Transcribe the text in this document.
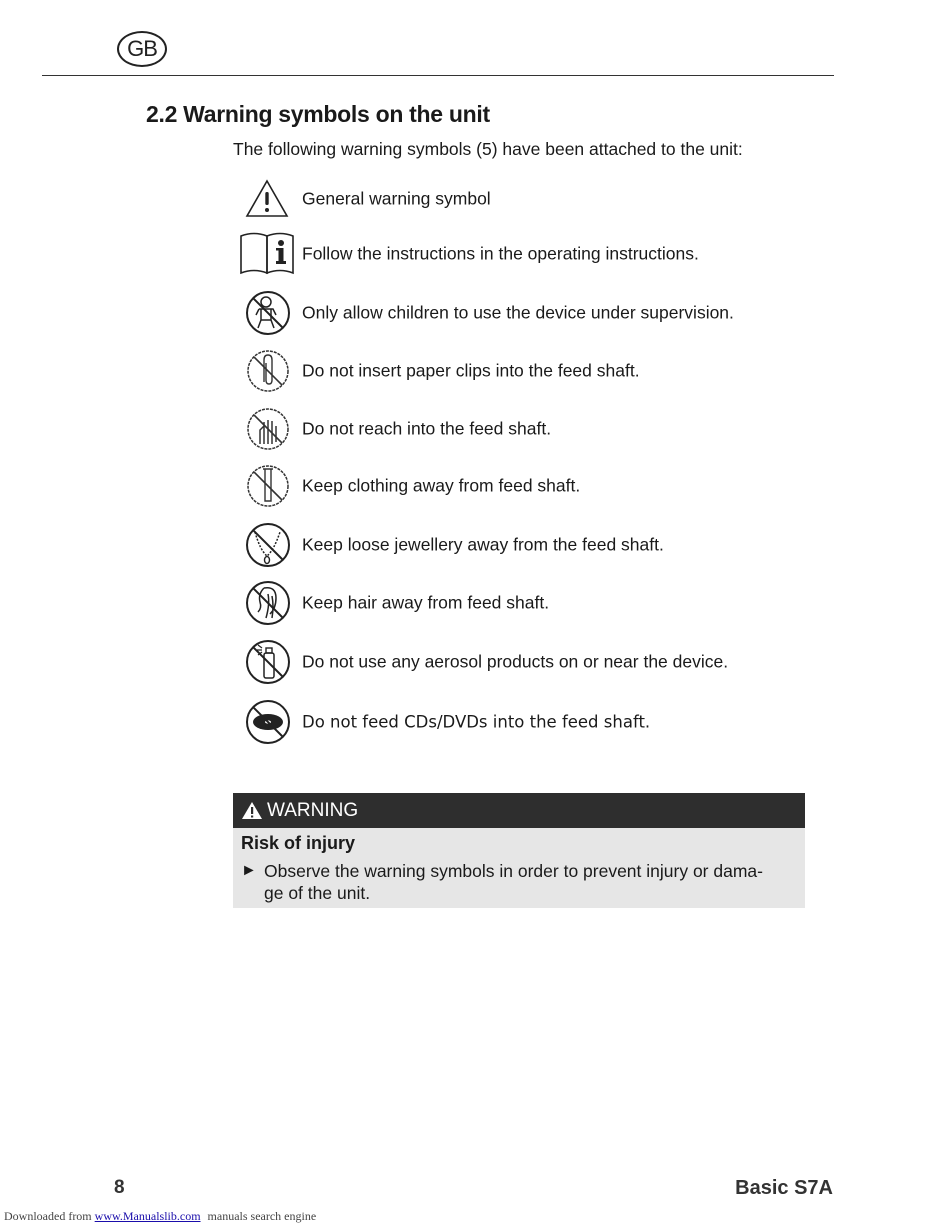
GB
2.2 Warning symbols on the unit

The following warning symbols (5) have been attached to the unit:

General warning symbol
Follow the instructions in the operating instructions.
Only allow children to use the device under supervision.
Do not insert paper clips into the feed shaft.
Do not reach into the feed shaft.
Keep clothing away from feed shaft.
Keep loose jewellery away from the feed shaft.
Keep hair away from feed shaft.
Do not use any aerosol products on or near the device.
Do not feed CDs/DVDs into the feed shaft.
WARNING
Risk of injury
► Observe the warning symbols in order to prevent injury or dama-
ge of the unit.
8	Basic S7A
Downloaded from www.Manualslib.com manuals search engine
